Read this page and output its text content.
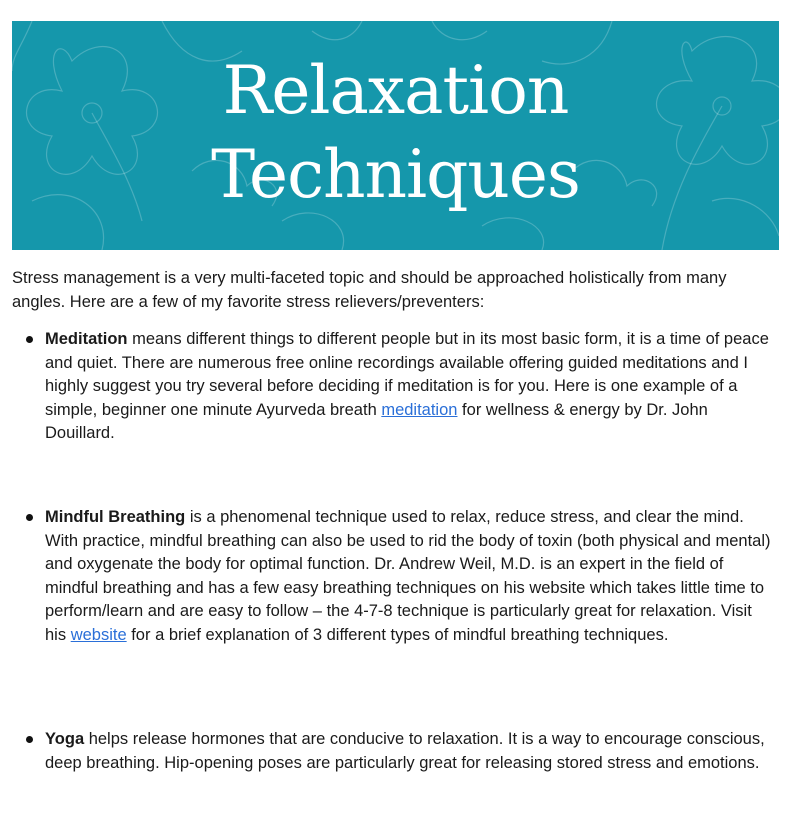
Relaxation
Techniques

Stress management is a very multi-faceted topic and should be approached holistically from many angles. Here are a few of my favorite stress relievers/preventers:

Meditation means different things to different people but in its most basic form, it is a time of peace and quiet. There are numerous free online recordings available offering guided meditations and I highly suggest you try several before deciding if meditation is for you. Here is one example of a simple, beginner one minute Ayurveda breath meditation for wellness & energy by Dr. John Douillard.
Mindful Breathing is a phenomenal technique used to relax, reduce stress, and clear the mind. With practice, mindful breathing can also be used to rid the body of toxin (both physical and mental) and oxygenate the body for optimal function. Dr. Andrew Weil, M.D. is an expert in the field of mindful breathing and has a few easy breathing techniques on his website which takes little time to perform/learn and are easy to follow – the 4-7-8 technique is particularly great for relaxation. Visit his website for a brief explanation of 3 different types of mindful breathing techniques.
Yoga helps release hormones that are conducive to relaxation. It is a way to encourage conscious, deep breathing. Hip-opening poses are particularly great for releasing stored stress and emotions.
